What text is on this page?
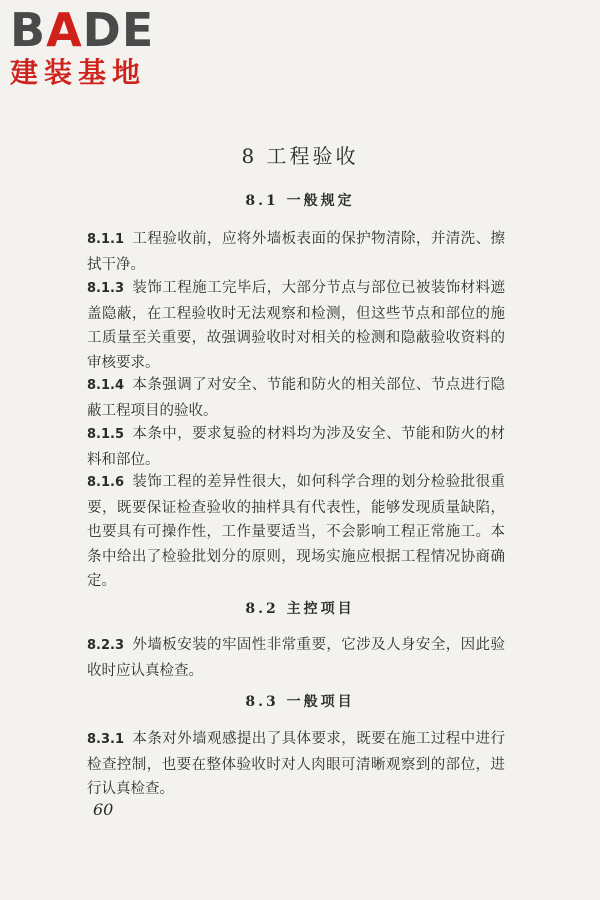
BADE
建装基地
8 工程验收
8.1 一般规定

8.1.1 工程验收前，应将外墙板表面的保护物清除，并清洗、擦拭干净。

8.1.3 装饰工程施工完毕后，大部分节点与部位已被装饰材料遮盖隐蔽，在工程验收时无法观察和检测，但这些节点和部位的施工质量至关重要，故强调验收时对相关的检测和隐蔽验收资料的审核要求。

8.1.4 本条强调了对安全、节能和防火的相关部位、节点进行隐蔽工程项目的验收。

8.1.5 本条中，要求复验的材料均为涉及安全、节能和防火的材料和部位。

8.1.6 装饰工程的差异性很大，如何科学合理的划分检验批很重要，既要保证检查验收的抽样具有代表性，能够发现质量缺陷，也要具有可操作性，工作量要适当，不会影响工程正常施工。本条中给出了检验批划分的原则，现场实施应根据工程情况协商确定。

8.2 主控项目

8.2.3 外墙板安装的牢固性非常重要，它涉及人身安全，因此验收时应认真检查。

8.3 一般项目

8.3.1 本条对外墙观感提出了具体要求，既要在施工过程中进行检查控制，也要在整体验收时对人肉眼可清晰观察到的部位，进行认真检查。

60
